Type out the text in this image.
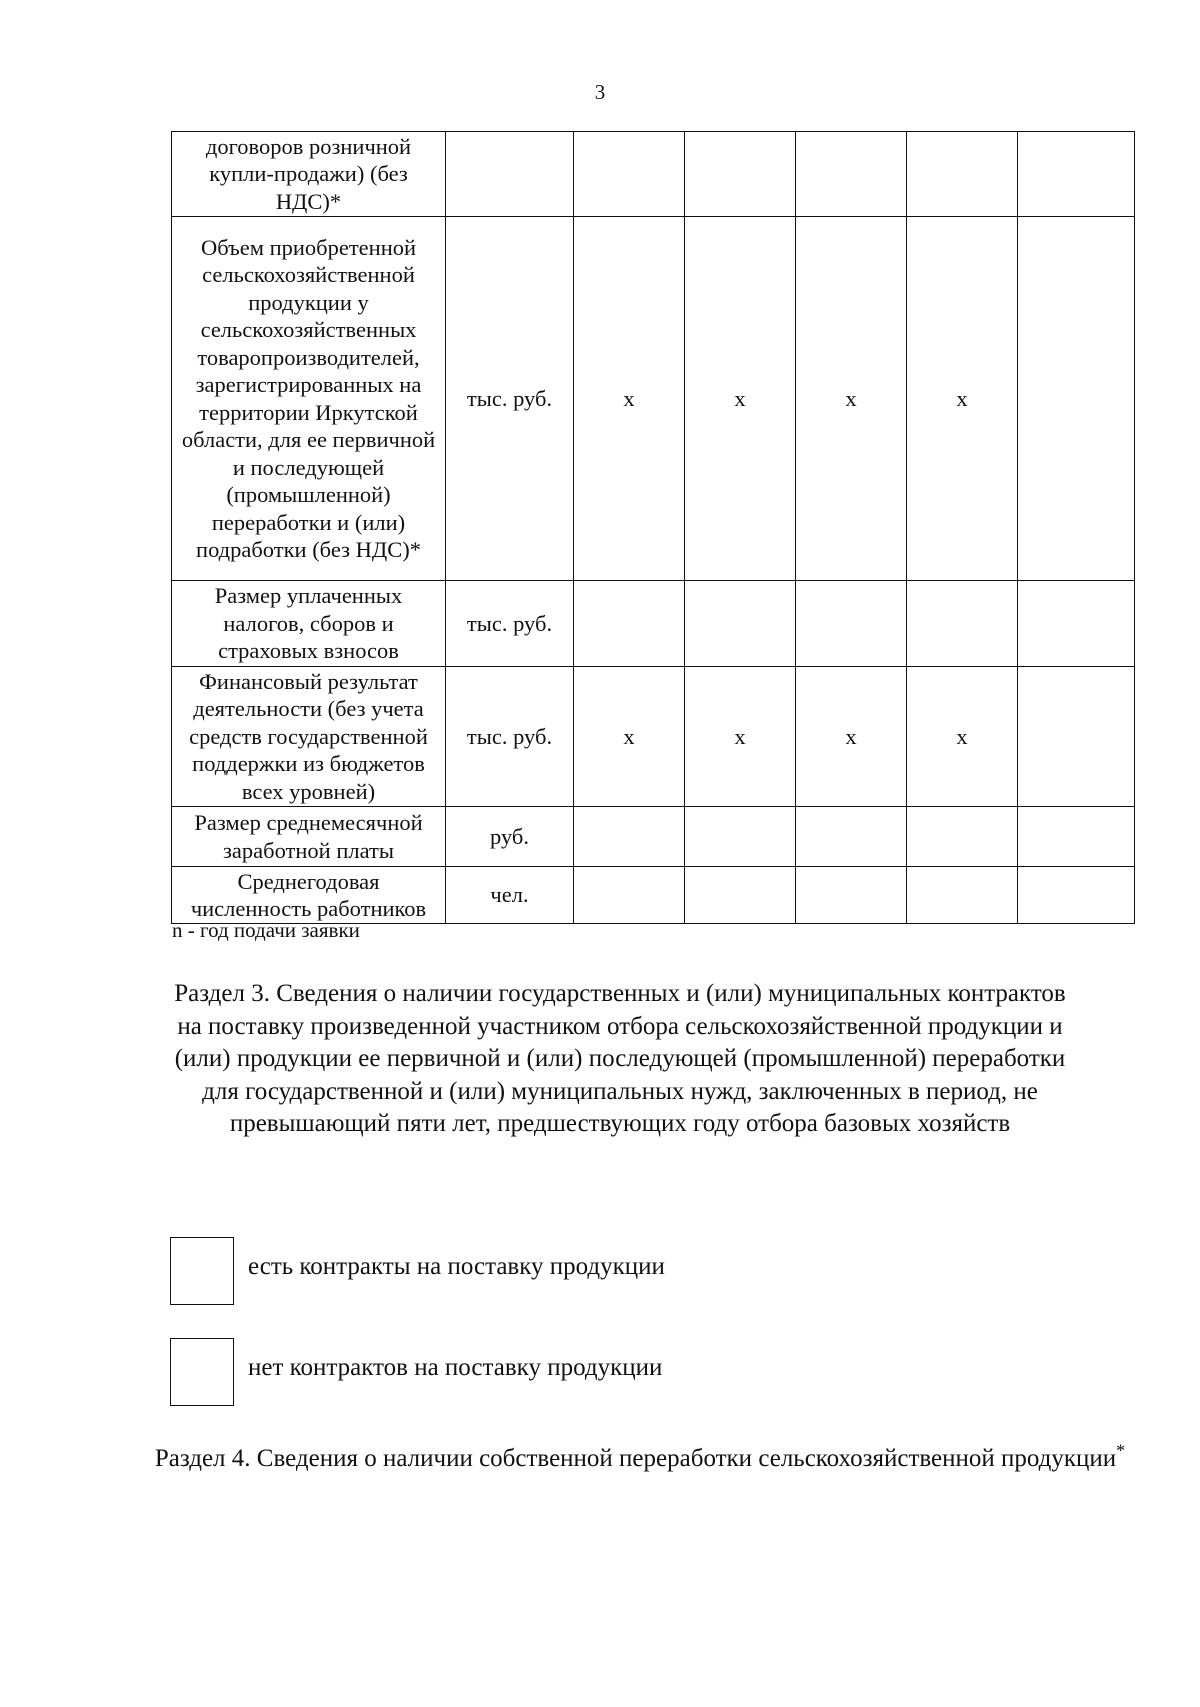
3
договоров розничной купли-продажи) (без НДС)*						
Объем приобретенной сельскохозяйственной продукции у сельскохозяйственных товаропроизводителей, зарегистрированных на территории Иркутской области, для ее первичной и последующей (промышленной) переработки и (или) подработки (без НДС)*	тыс. руб.	х	х	х	х	
Размер уплаченных налогов, сборов и страховых взносов	тыс. руб.					
Финансовый результат деятельности (без учета средств государственной поддержки из бюджетов всех уровней)	тыс. руб.	х	х	х	х	
Размер среднемесячной заработной платы	руб.					
Среднегодовая численность работников	чел.					
n - год подачи заявки
Раздел 3. Сведения о наличии государственных и (или) муниципальных контрактов на поставку произведенной участником отбора сельскохозяйственной продукции и (или) продукции ее первичной и (или) последующей (промышленной) переработки для государственной и (или) муниципальных нужд, заключенных в период, не превышающий пяти лет, предшествующих году отбора базовых хозяйств
есть контракты на поставку продукции
нет контрактов на поставку продукции
Раздел 4. Сведения о наличии собственной переработки сельскохозяйственной продукции*
